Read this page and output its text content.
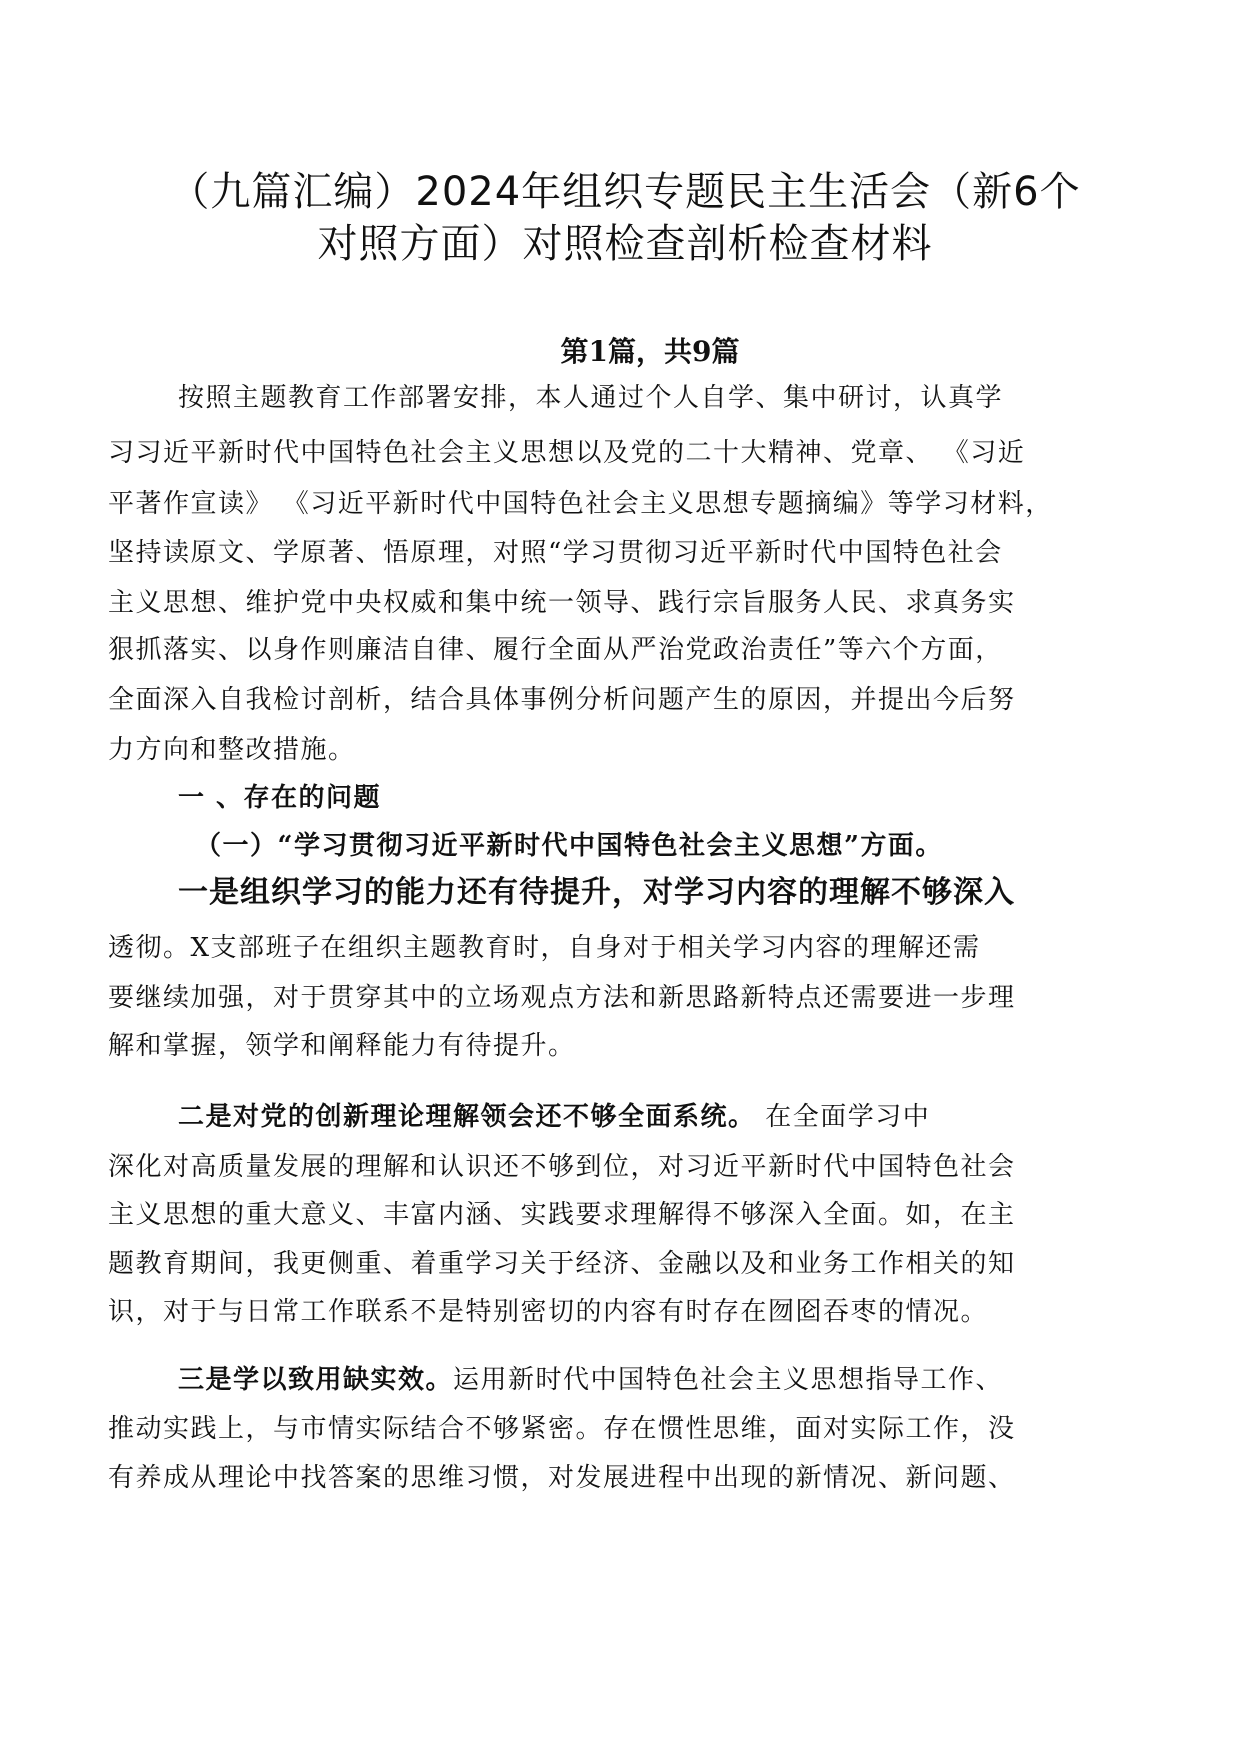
（九篇汇编）2024年组织专题民主生活会（新6个
对照方面）对照检查剖析检查材料
第1篇，共9篇
按照主题教育工作部署安排，本人通过个人自学、集中研讨，认真学
习习近平新时代中国特色社会主义思想以及党的二十大精神、党章、 《习近
平著作宣读》 《习近平新时代中国特色社会主义思想专题摘编》等学习材料，
坚持读原文、学原著、悟原理，对照“学习贯彻习近平新时代中国特色社会
主义思想、维护党中央权威和集中统一领导、践行宗旨服务人民、求真务实
狠抓落实、以身作则廉洁自律、履行全面从严治党政治责任”等六个方面，
全面深入自我检讨剖析，结合具体事例分析问题产生的原因，并提出今后努
力方向和整改措施。
一 、存在的问题
（一）“学习贯彻习近平新时代中国特色社会主义思想”方面。
一是组织学习的能力还有待提升，对学习内容的理解不够深入
透彻。X支部班子在组织主题教育时，自身对于相关学习内容的理解还需
要继续加强，对于贯穿其中的立场观点方法和新思路新特点还需要进一步理
解和掌握，领学和阐释能力有待提升。
二是对党的创新理论理解领会还不够全面系统。 在全面学习中
深化对高质量发展的理解和认识还不够到位，对习近平新时代中国特色社会
主义思想的重大意义、丰富内涵、实践要求理解得不够深入全面。如，在主
题教育期间，我更侧重、着重学习关于经济、金融以及和业务工作相关的知
识，对于与日常工作联系不是特别密切的内容有时存在囫囵吞枣的情况。
三是学以致用缺实效。运用新时代中国特色社会主义思想指导工作、
推动实践上，与市情实际结合不够紧密。存在惯性思维，面对实际工作，没
有养成从理论中找答案的思维习惯，对发展进程中出现的新情况、新问题、
